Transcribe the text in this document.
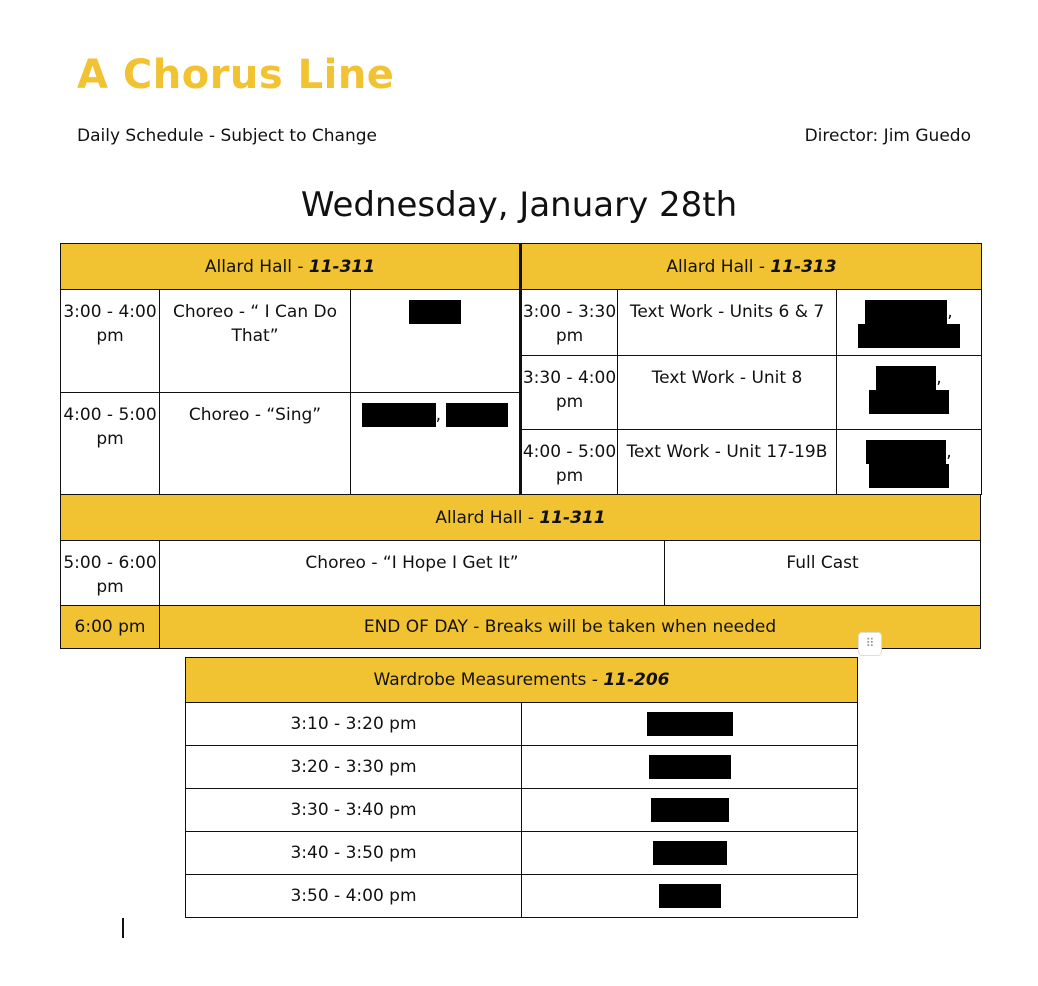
A Chorus Line
Daily Schedule - Subject to Change	Director: Jim Guedo
Wednesday, January 28th
Allard Hall - 11-311		
3:00 - 4:00 pm	Choreo - “ I Can Do That”	
4:00 - 5:00 pm	Choreo - “Sing”	,
Allard Hall - 11-313		
3:00 - 3:30 pm	Text Work - Units 6 & 7	,

3:30 - 4:00 pm	Text Work - Unit 8	,

4:00 - 5:00 pm	Text Work - Unit 17-19B	,

Allard Hall - 11-311		
5:00 - 6:00 pm	Choreo - “I Hope I Get It”	Full Cast
6:00 pm	END OF DAY - Breaks will be taken when needed	
⠿
Wardrobe Measurements - 11-206	
3:10 - 3:20 pm	
3:20 - 3:30 pm	
3:30 - 3:40 pm	
3:40 - 3:50 pm	
3:50 - 4:00 pm	
